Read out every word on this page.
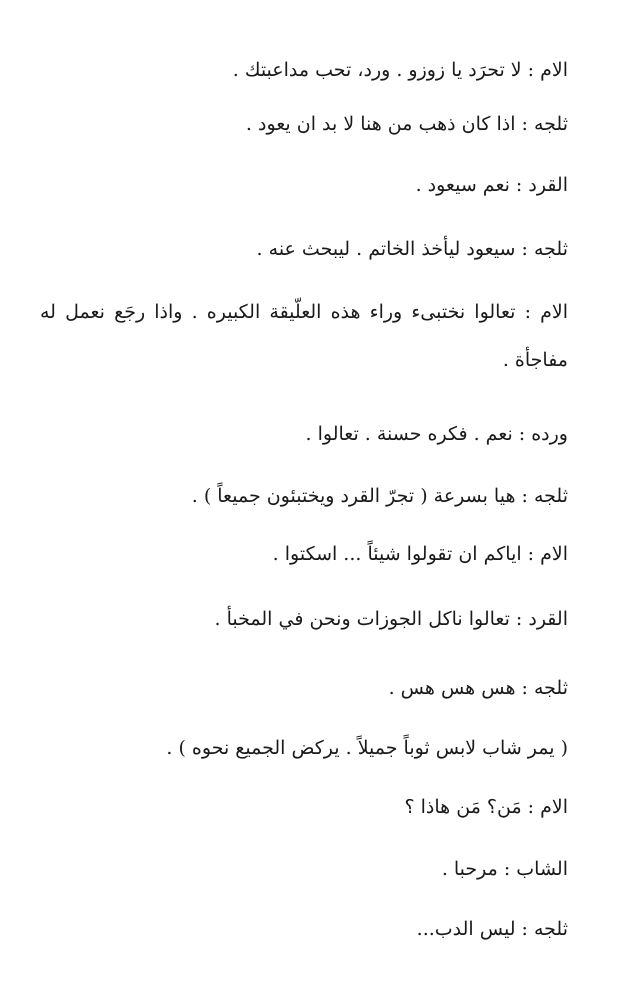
الام : لا تحرَد يا زوزو . ورد، تحب مداعبتك .
ثلجه : اذا كان ذهب من هنا لا بد ان يعود .
القرد : نعم سيعود .
ثلجه : سيعود ليأخذ الخاتم . ليبحث عنه .
الام : تعالوا نختبىء وراء هذه العلّيقة الكبيره . واذا رجَع نعمل له مفاجأة .
ورده : نعم . فكره حسنة . تعالوا .
ثلجه : هيا بسرعة ( تجرّ القرد ويختبئون جميعاً ) .
الام : اياكم ان تقولوا شيئاً ... اسكتوا .
القرد : تعالوا ناكل الجوزات ونحن في المخبأ .
ثلجه : هس هس هس .
( يمر شاب لابس ثوباً جميلاً . يركض الجميع نحوه ) .
الام : مَن؟ مَن هاذا ؟
الشاب : مرحبا .
ثلجه : ليس الدب...
